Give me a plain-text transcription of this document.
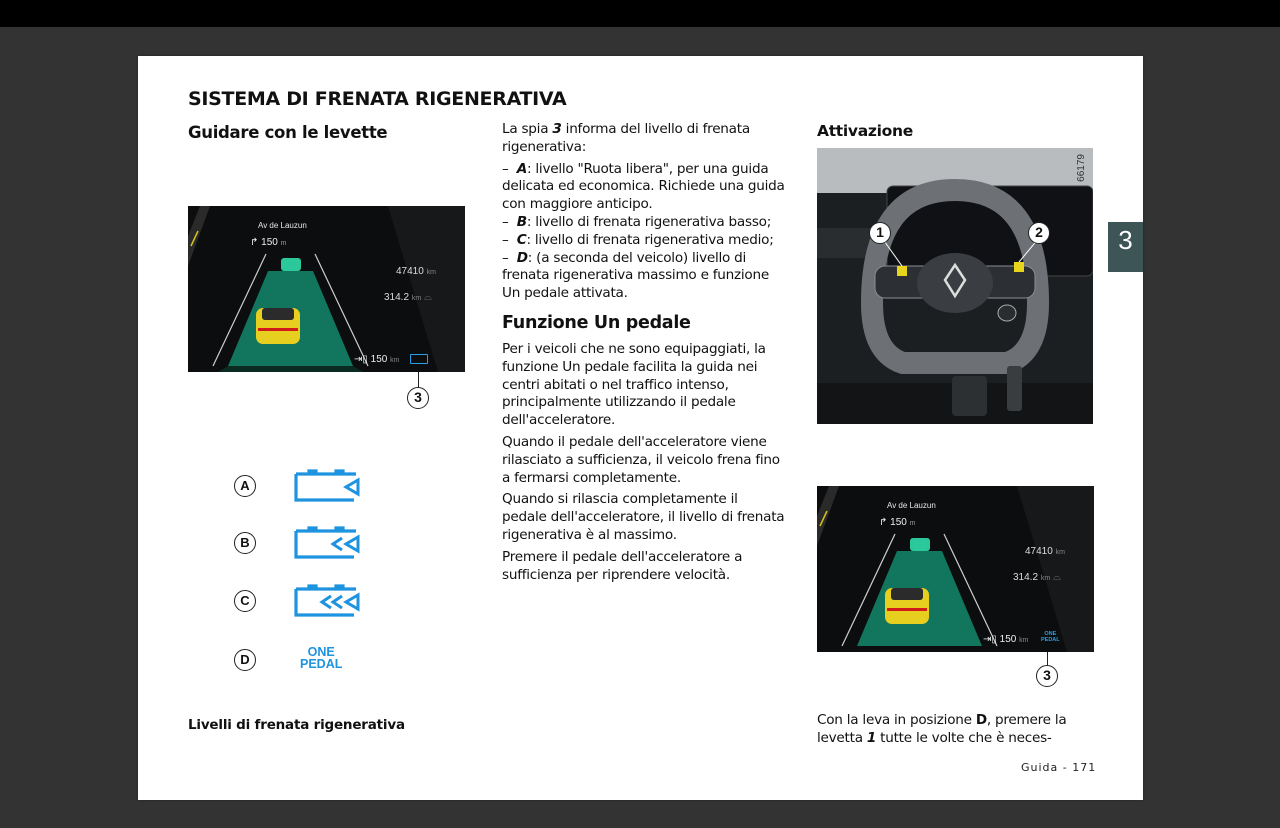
SISTEMA DI FRENATA RIGENERATIVA
Guidare con le levette
Av de Lauzun
↱ 150 m
47410 km
314.2 km ⌓
⇥▯ 150 km
3
A
B
C
D	ONE
PEDAL
Livelli di frenata rigenerativa

La spia 3 informa del livello di frenata rigenerativa:

–  A: livello "Ruota libera", per una guida delicata ed economica. Richiede una guida con maggiore anticipo.

–  B: livello di frenata rigenerativa basso;

–  C: livello di frenata rigenerativa medio;

–  D: (a seconda del veicolo) livello di frenata rigenerativa massimo e funzione Un pedale attivata.

Funzione Un pedale

Per i veicoli che ne sono equipaggiati, la funzione Un pedale facilita la guida nei centri abitati o nel traffico intenso, principalmente utilizzando il pedale dell'acceleratore.

Quando il pedale dell'acceleratore viene rilasciato a sufficienza, il veicolo frena fino a fermarsi completamente.

Quando si rilascia completamente il pedale dell'acceleratore, il livello di frenata rigenerativa è al massimo.

Premere il pedale dell'acceleratore a sufficienza per riprendere velocità.

Attivazione
1	2
66179
Av de Lauzun
↱ 150 m
47410 km
314.2 km ⌓
⇥▯ 150 km
ONE
PEDAL
3
Con la leva in posizione D, premere la levetta 1 tutte le volte che è neces-
Guida - 171
3
